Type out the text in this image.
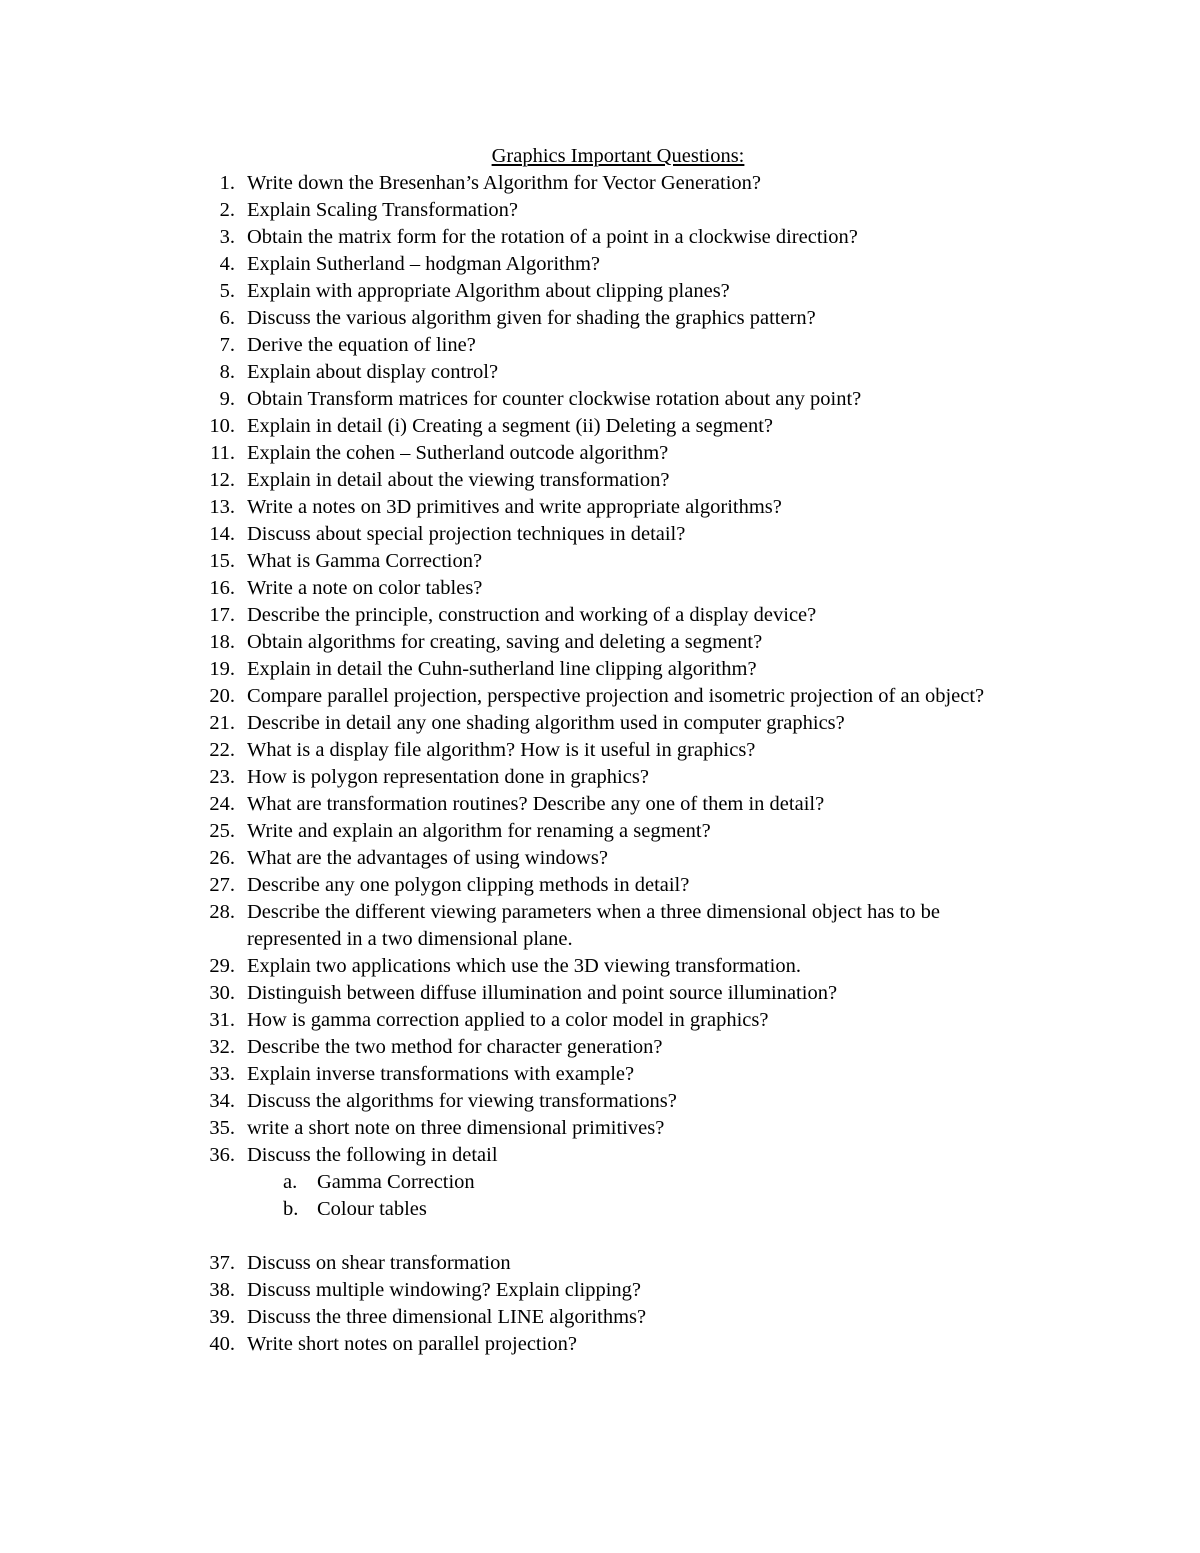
Graphics Important Questions:
1. Write down the Bresenhan’s Algorithm for Vector Generation?
2. Explain Scaling Transformation?
3. Obtain the matrix form for the rotation of a point in a clockwise direction?
4. Explain Sutherland – hodgman Algorithm?
5. Explain with appropriate Algorithm about clipping planes?
6. Discuss the various algorithm given for shading the graphics pattern?
7. Derive the equation of line?
8. Explain about display control?
9. Obtain Transform matrices for counter clockwise rotation about any point?
10. Explain in detail (i) Creating a segment (ii) Deleting a segment?
11. Explain the cohen – Sutherland outcode algorithm?
12. Explain in detail about the viewing transformation?
13. Write a notes on 3D primitives and write appropriate algorithms?
14. Discuss about special projection techniques in detail?
15. What is Gamma Correction?
16. Write a note on color tables?
17. Describe the principle, construction and working of a display device?
18. Obtain algorithms for creating, saving and deleting a segment?
19. Explain in detail the Cuhn-sutherland line clipping algorithm?
20. Compare parallel projection, perspective projection and isometric projection of an object?
21. Describe in detail any one shading algorithm used in computer graphics?
22. What is a display file algorithm? How is it useful in graphics?
23. How is polygon representation done in graphics?
24. What are transformation routines? Describe any one of them in detail?
25. Write and explain an algorithm for renaming a segment?
26. What are the advantages of using windows?
27. Describe any one polygon clipping methods in detail?
28. Describe the different viewing parameters when a three dimensional object has to be represented in a two dimensional plane.
29. Explain two applications which use the 3D viewing transformation.
30. Distinguish between diffuse illumination and point source illumination?
31. How is gamma correction applied to a color model in graphics?
32. Describe the two method for character generation?
33. Explain inverse transformations with example?
34. Discuss the algorithms for viewing transformations?
35. write a short note on three dimensional primitives?
36. Discuss the following in detail
a. Gamma Correction
b. Colour tables
37. Discuss on shear transformation
38. Discuss multiple windowing? Explain clipping?
39. Discuss the three dimensional LINE algorithms?
40. Write short notes on parallel projection?
